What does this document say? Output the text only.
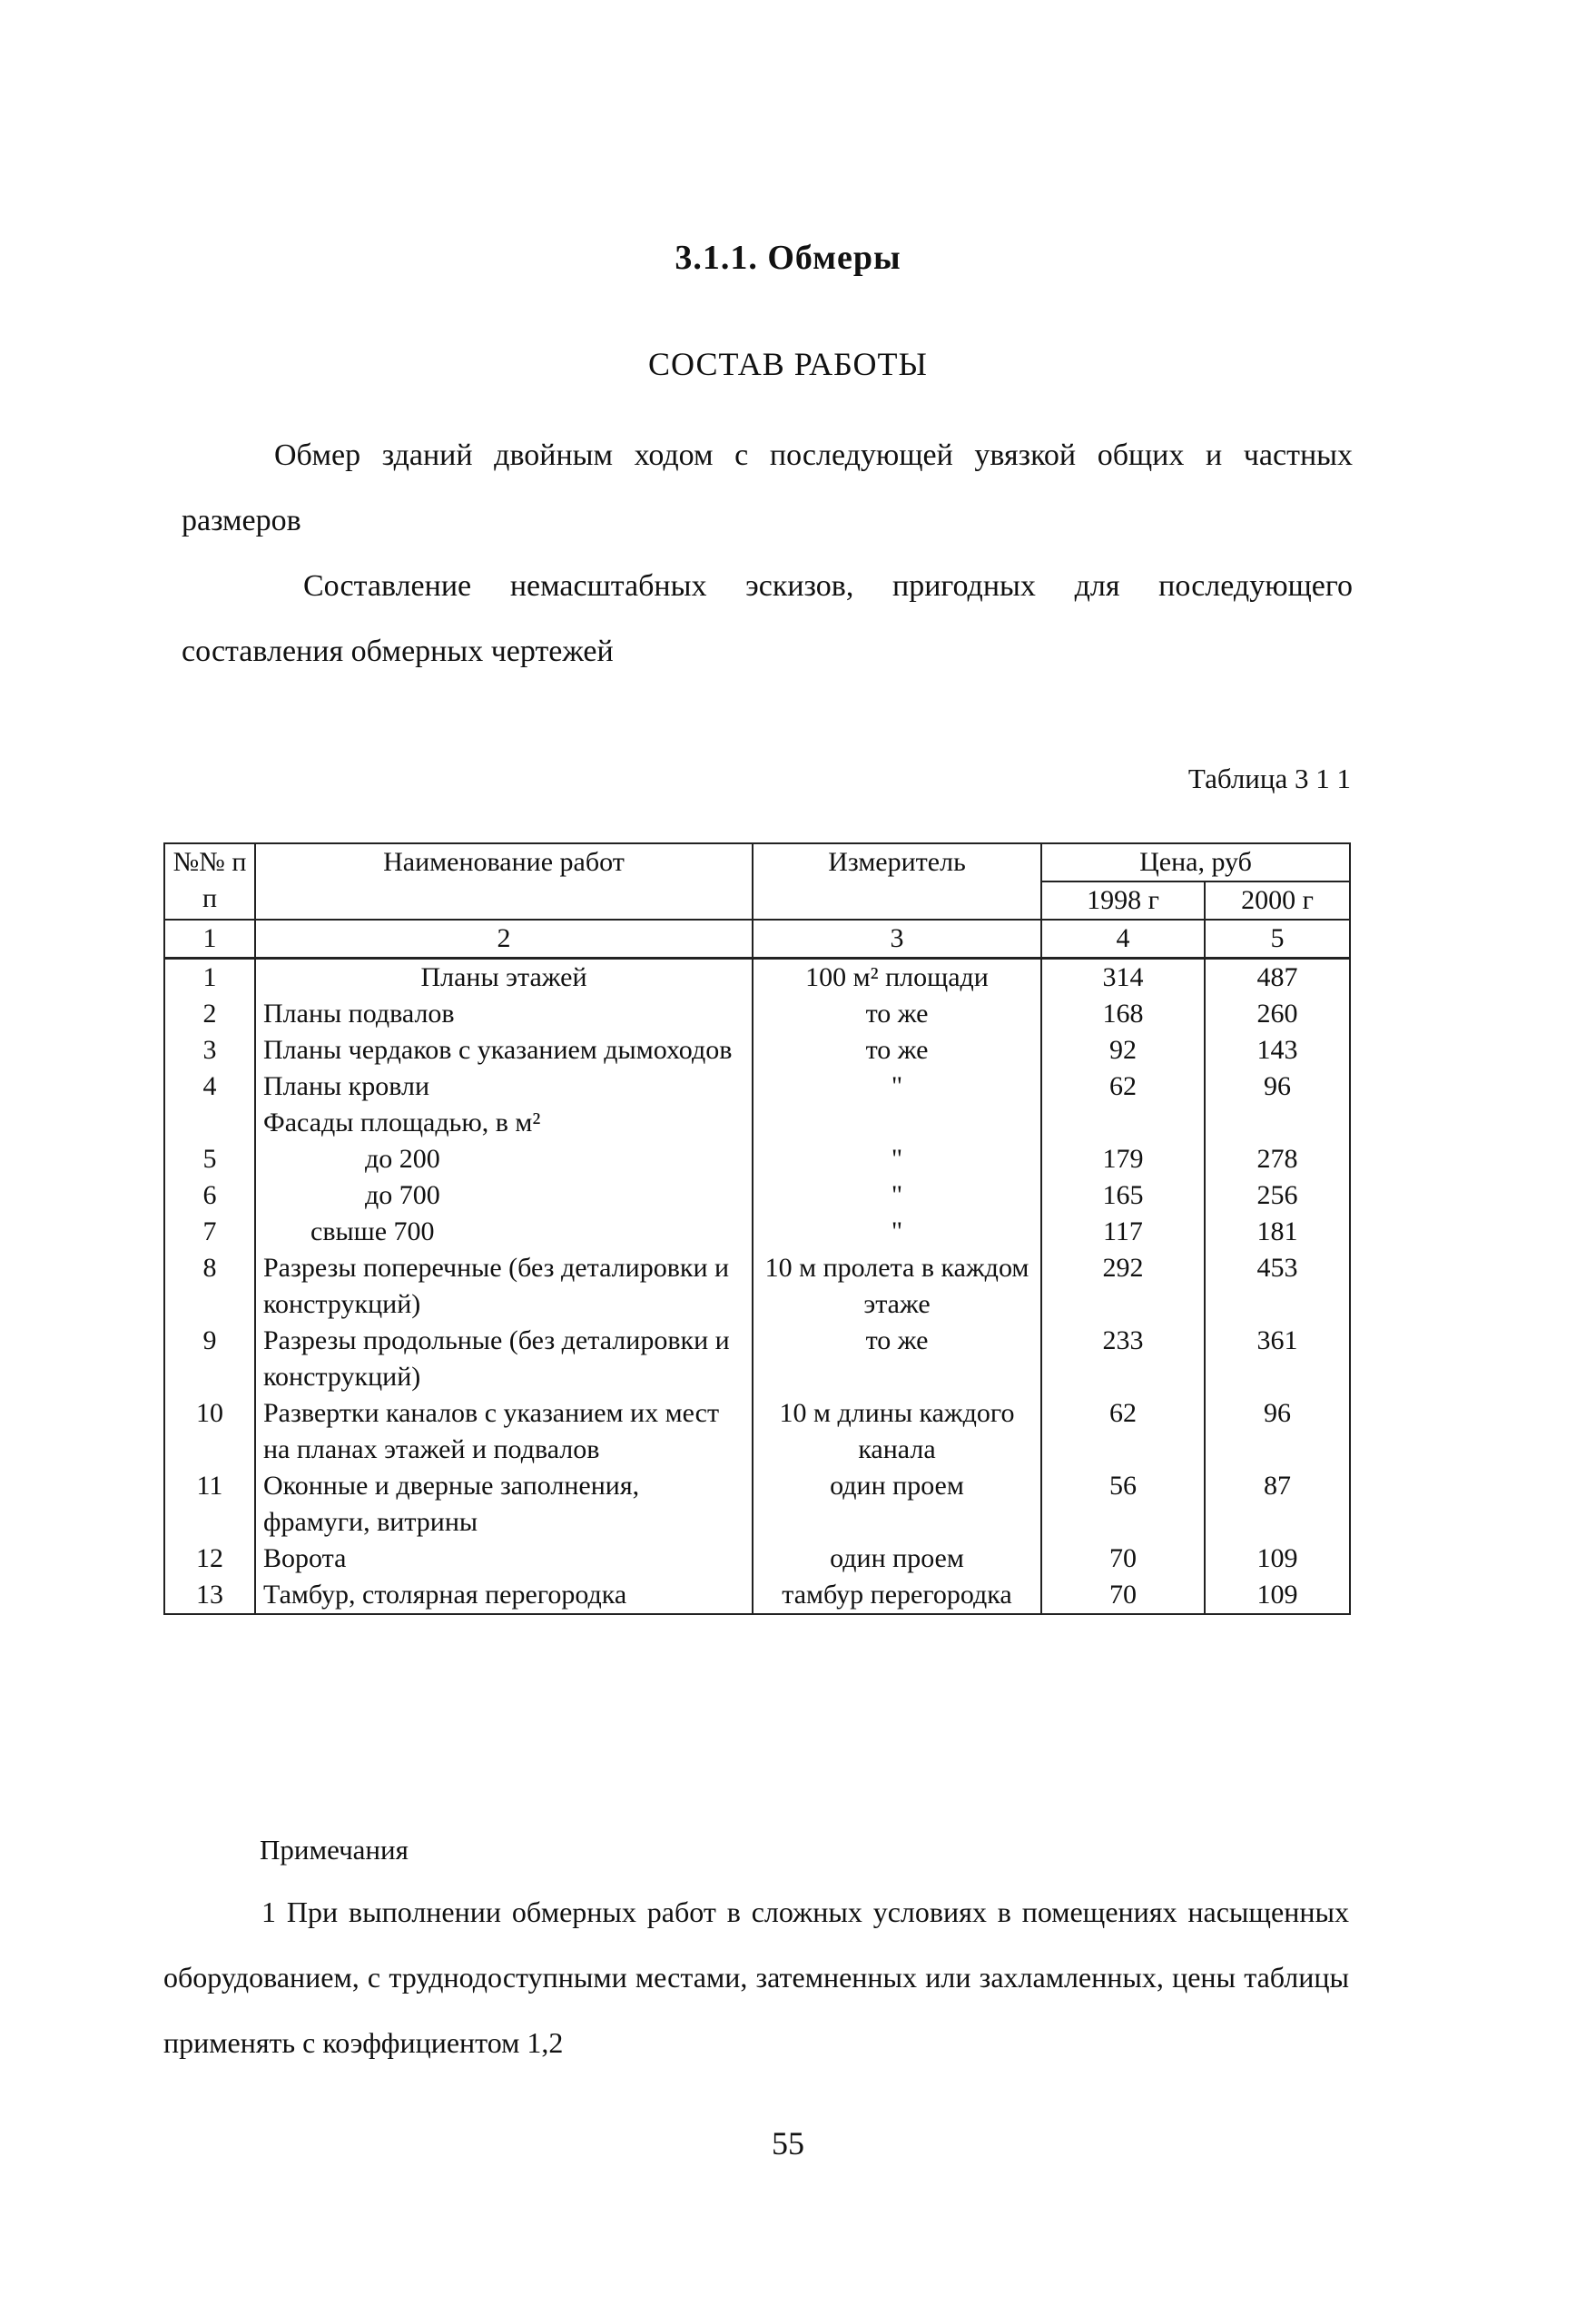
3.1.1. Обмеры
СОСТАВ РАБОТЫ
Обмер зданий двойным ходом с последующей увязкой общих и частных размеров
Составление немасштабных эскизов, пригодных для последующего составления обмерных чертежей
Таблица 3 1 1
№№ п п	Наименование работ	Измеритель	Цена, руб	
			1998 г	2000 г
1	2	3	4	5
1	Планы этажей	100 м² площади	314	487
2	Планы подвалов	то же	168	260
3	Планы чердаков с указанием дымоходов	то же	92	143
4	Планы кровли	"	62	96
	Фасады площадью, в м²			
5	до 200	"	179	278
6	до 700	"	165	256
7	свыше 700	"	117	181
8	Разрезы поперечные (без деталировки и конструкций)	10 м пролета в каждом этаже	292	453
9	Разрезы продольные (без деталировки и конструкций)	то же	233	361
10	Развертки каналов с указанием их мест на планах этажей и подвалов	10 м длины каждого канала	62	96
11	Оконные и дверные заполнения, фрамуги, витрины	один проем	56	87
12	Ворота	один проем	70	109
13	Тамбур, столярная перегородка	тамбур перегородка	70	109
Примечания
1 При выполнении обмерных работ в сложных условиях в помещениях насыщенных оборудованием, с труднодоступными местами, затемненных или захламленных, цены таблицы применять с коэффициентом 1,2
55
